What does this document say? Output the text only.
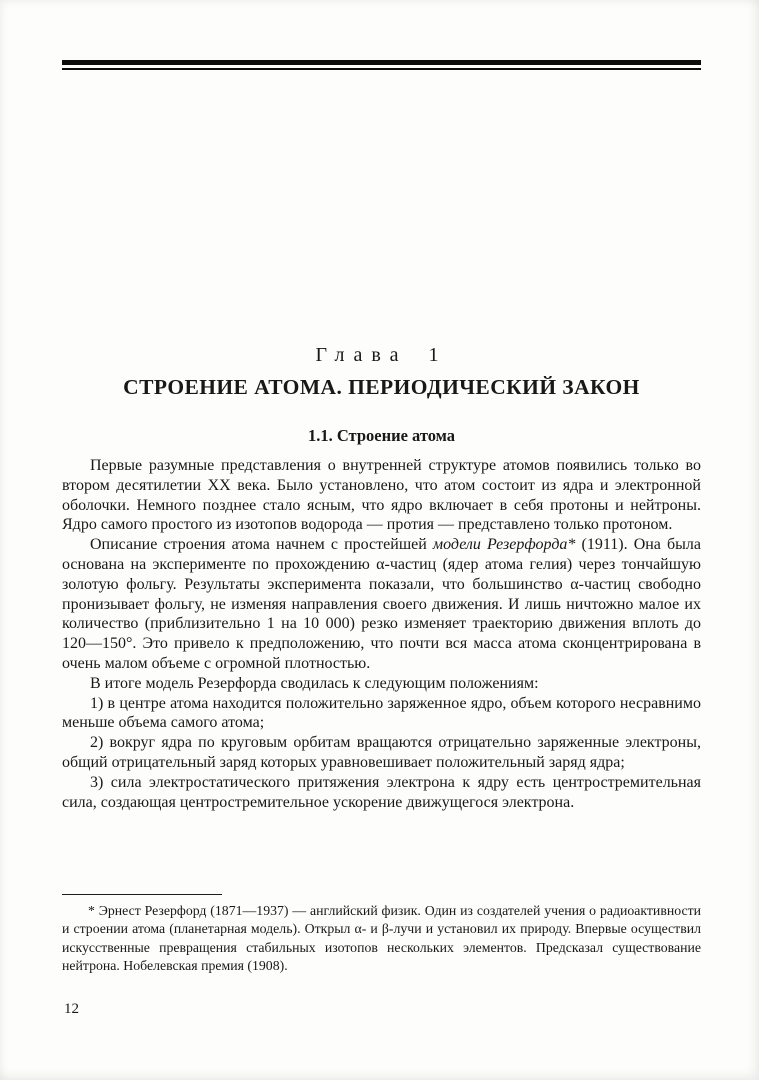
Глава 1
СТРОЕНИЕ АТОМА. ПЕРИОДИЧЕСКИЙ ЗАКОН
1.1. Строение атома

Первые разумные представления о внутренней структуре атомов появились только во втором десятилетии XX века. Было установлено, что атом состоит из ядра и электронной оболочки. Немного позднее стало ясным, что ядро включает в себя протоны и нейтроны. Ядро самого простого из изотопов водорода — протия — представлено только протоном.

Описание строения атома начнем с простейшей модели Резерфорда* (1911). Она была основана на эксперименте по прохождению α-частиц (ядер атома гелия) через тончайшую золотую фольгу. Результаты эксперимента показали, что большинство α-частиц свободно пронизывает фольгу, не изменяя направления своего движения. И лишь ничтожно малое их количество (приблизительно 1 на 10 000) резко изменяет траекторию движения вплоть до 120—150°. Это привело к предположению, что почти вся масса атома сконцентрирована в очень малом объеме с огромной плотностью.

В итоге модель Резерфорда сводилась к следующим положениям:

1) в центре атома находится положительно заряженное ядро, объем которого несравнимо меньше объема самого атома;

2) вокруг ядра по круговым орбитам вращаются отрицательно заряженные электроны, общий отрицательный заряд которых уравновешивает положительный заряд ядра;

3) сила электростатического притяжения электрона к ядру есть центростремительная сила, создающая центростремительное ускорение движущегося электрона.

* Эрнест Резерфорд (1871—1937) — английский физик. Один из создателей учения о радиоактивности и строении атома (планетарная модель). Открыл α- и β-лучи и установил их природу. Впервые осуществил искусственные превращения стабильных изотопов нескольких элементов. Предсказал существование нейтрона. Нобелевская премия (1908).

12
